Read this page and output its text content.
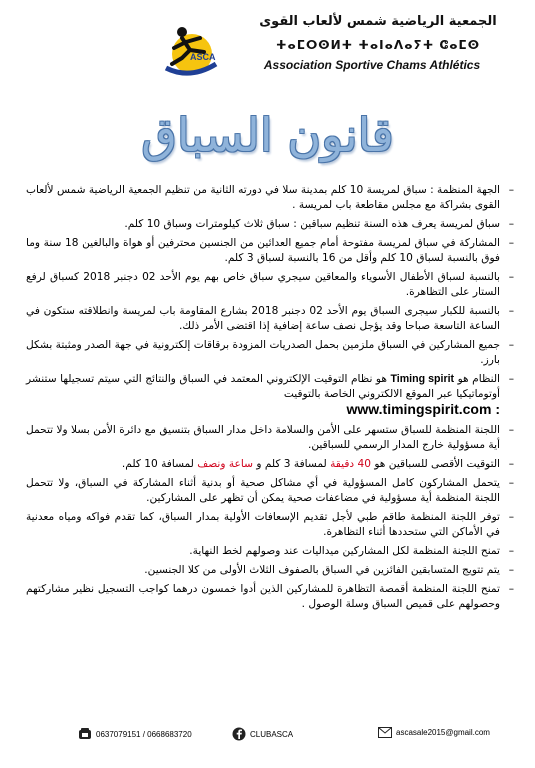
ASCA
الجمعية الرياضية شمس لألعاب القوى
ⵜⴰⵎⵔⵙⵍⵜ ⵜⴰⵏⴰⴷⴰⵢⵜ ⵛⴰⵎⵙ
Association Sportive Chams Athlétics
قانون السباق
– الجهة المنظمة : سباق لمريسة 10 كلم بمدينة سلا في دورته الثانية من تنظيم الجمعية الرياضية شمس لألعاب القوى بشراكة مع مجلس مقاطعة باب لمريسة .
– سباق لمريسة يعرف هذه السنة تنظيم سباقين : سباق ثلاث كيلومترات وسباق 10 كلم.
– المشاركة في سباق لمريسة مفتوحة أمام جميع العدائين من الجنسين محترفين أو هواة والبالغين 18 سنة وما فوق بالنسبة لسباق 10 كلم وأقل من 16 بالنسبة لسباق 3 كلم.
– بالنسبة لسباق الأطفال الأسوياء والمعاقين سيجري سباق خاص بهم يوم الأحد 02 دجنبر 2018 كسباق لرفع الستار على التظاهرة.
– بالنسبة للكبار سيجرى السباق يوم الأحد 02 دجنبر 2018 بشارع المقاومة باب لمريسة وانطلاقته ستكون في الساعة التاسعة صباحا وقد يؤجل نصف ساعة إضافية إذا اقتضى الأمر ذلك.
– جميع المشاركين في السباق ملزمين بحمل الصدريات المزودة برقاقات إلكترونية في جهة الصدر ومثبتة بشكل بارز.
– النظام هو Timing spirit هو نظام التوقيت الإلكتروني المعتمد في السباق والنتائج التي سيتم تسجيلها ستنشر أوتوماتيكيا عبر الموقع الالكتروني الخاصة بالتوقيت
www.timingspirit.com :
– اللجنة المنظمة للسباق ستسهر على الأمن والسلامة داخل مدار السباق بتنسيق مع دائرة الأمن بسلا ولا تتحمل أية مسؤولية خارج المدار الرسمي للسباقين.
– التوقيت الأقصى للسباقين هو 40 دقيقة لمسافة 3 كلم و ساعة ونصف لمسافة 10 كلم.
– يتحمل المشاركون كامل المسؤولية في أي مشاكل صحية أو بدنية أثناء المشاركة في السباق، ولا تتحمل اللجنة المنظمة أية مسؤولية في مضاعفات صحية يمكن أن تظهر على المشاركين.
– توفر اللجنة المنظمة طاقم طبي لأجل تقديم الإسعافات الأولية بمدار السباق، كما تقدم فواكه ومياه معدنية في الأماكن التي ستحددها أثناء التظاهرة.
– تمنح اللجنة المنظمة لكل المشاركين ميداليات عند وصولهم لخط النهاية.
– يتم تتويج المتسابقين الفائزين في السباق بالصفوف الثلاث الأولى من كلا الجنسين.
– تمنح اللجنة المنظمة أقمصة التظاهرة للمشاركين الذين أدوا خمسون درهما كواجب التسجيل نظير مشاركتهم وحصولهم على قميص السباق وسلة الوصول .
0637079151 / 0668683720	CLUBASCA	ascasale2015@gmail.com
